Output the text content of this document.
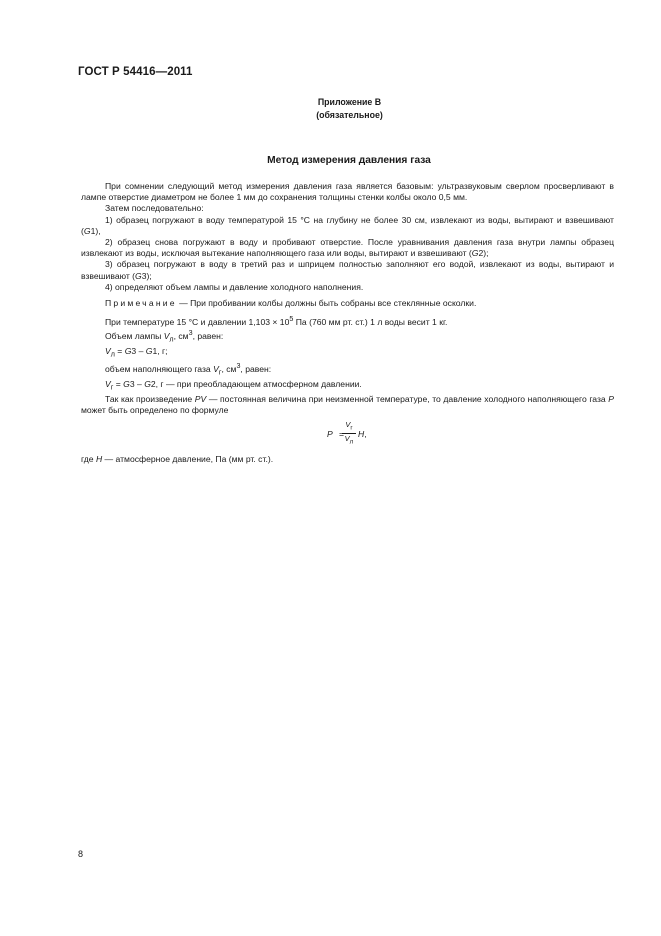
ГОСТ Р 54416—2011
Приложение В
(обязательное)
Метод измерения давления газа

При сомнении следующий метод измерения давления газа является базовым: ультразвуковым сверлом просверливают в лампе отверстие диаметром не более 1 мм до сохранения толщины стенки колбы около 0,5 мм.

Затем последовательно:

1) образец погружают в воду температурой 15 °C на глубину не более 30 см, извлекают из воды, вытирают и взвешивают (G1),

2) образец снова погружают в воду и пробивают отверстие. После уравнивания давления газа внутри лампы образец извлекают из воды, исключая вытекание наполняющего газа или воды, вытирают и взвешивают (G2);

3) образец погружают в воду в третий раз и шприцем полностью заполняют его водой, извлекают из воды, вытирают и взвешивают (G3);

4) определяют объем лампы и давление холодного наполнения.

Примечание — При пробивании колбы должны быть собраны все стеклянные осколки.

При температуре 15 °C и давлении $1,103 \times 10^5$ Па (760 мм рт. ст.) 1 л воды весит 1 кг.

Объем лампы $V_л$, $см^3$, равен:

$V_л = G3 - G1$, г;

объем наполняющего газа $V_г$, $см^3$, равен:

$V_г = G3 - G2$, г — при преобладающем атмосферном давлении.

Так как произведение PV — постоянная величина при неизменной температуре, то давление холодного наполняющего газа P может быть определено по формуле

P =
$V_г$
$V_л$
H,

где H — атмосферное давление, Па (мм рт. ст.).

8
